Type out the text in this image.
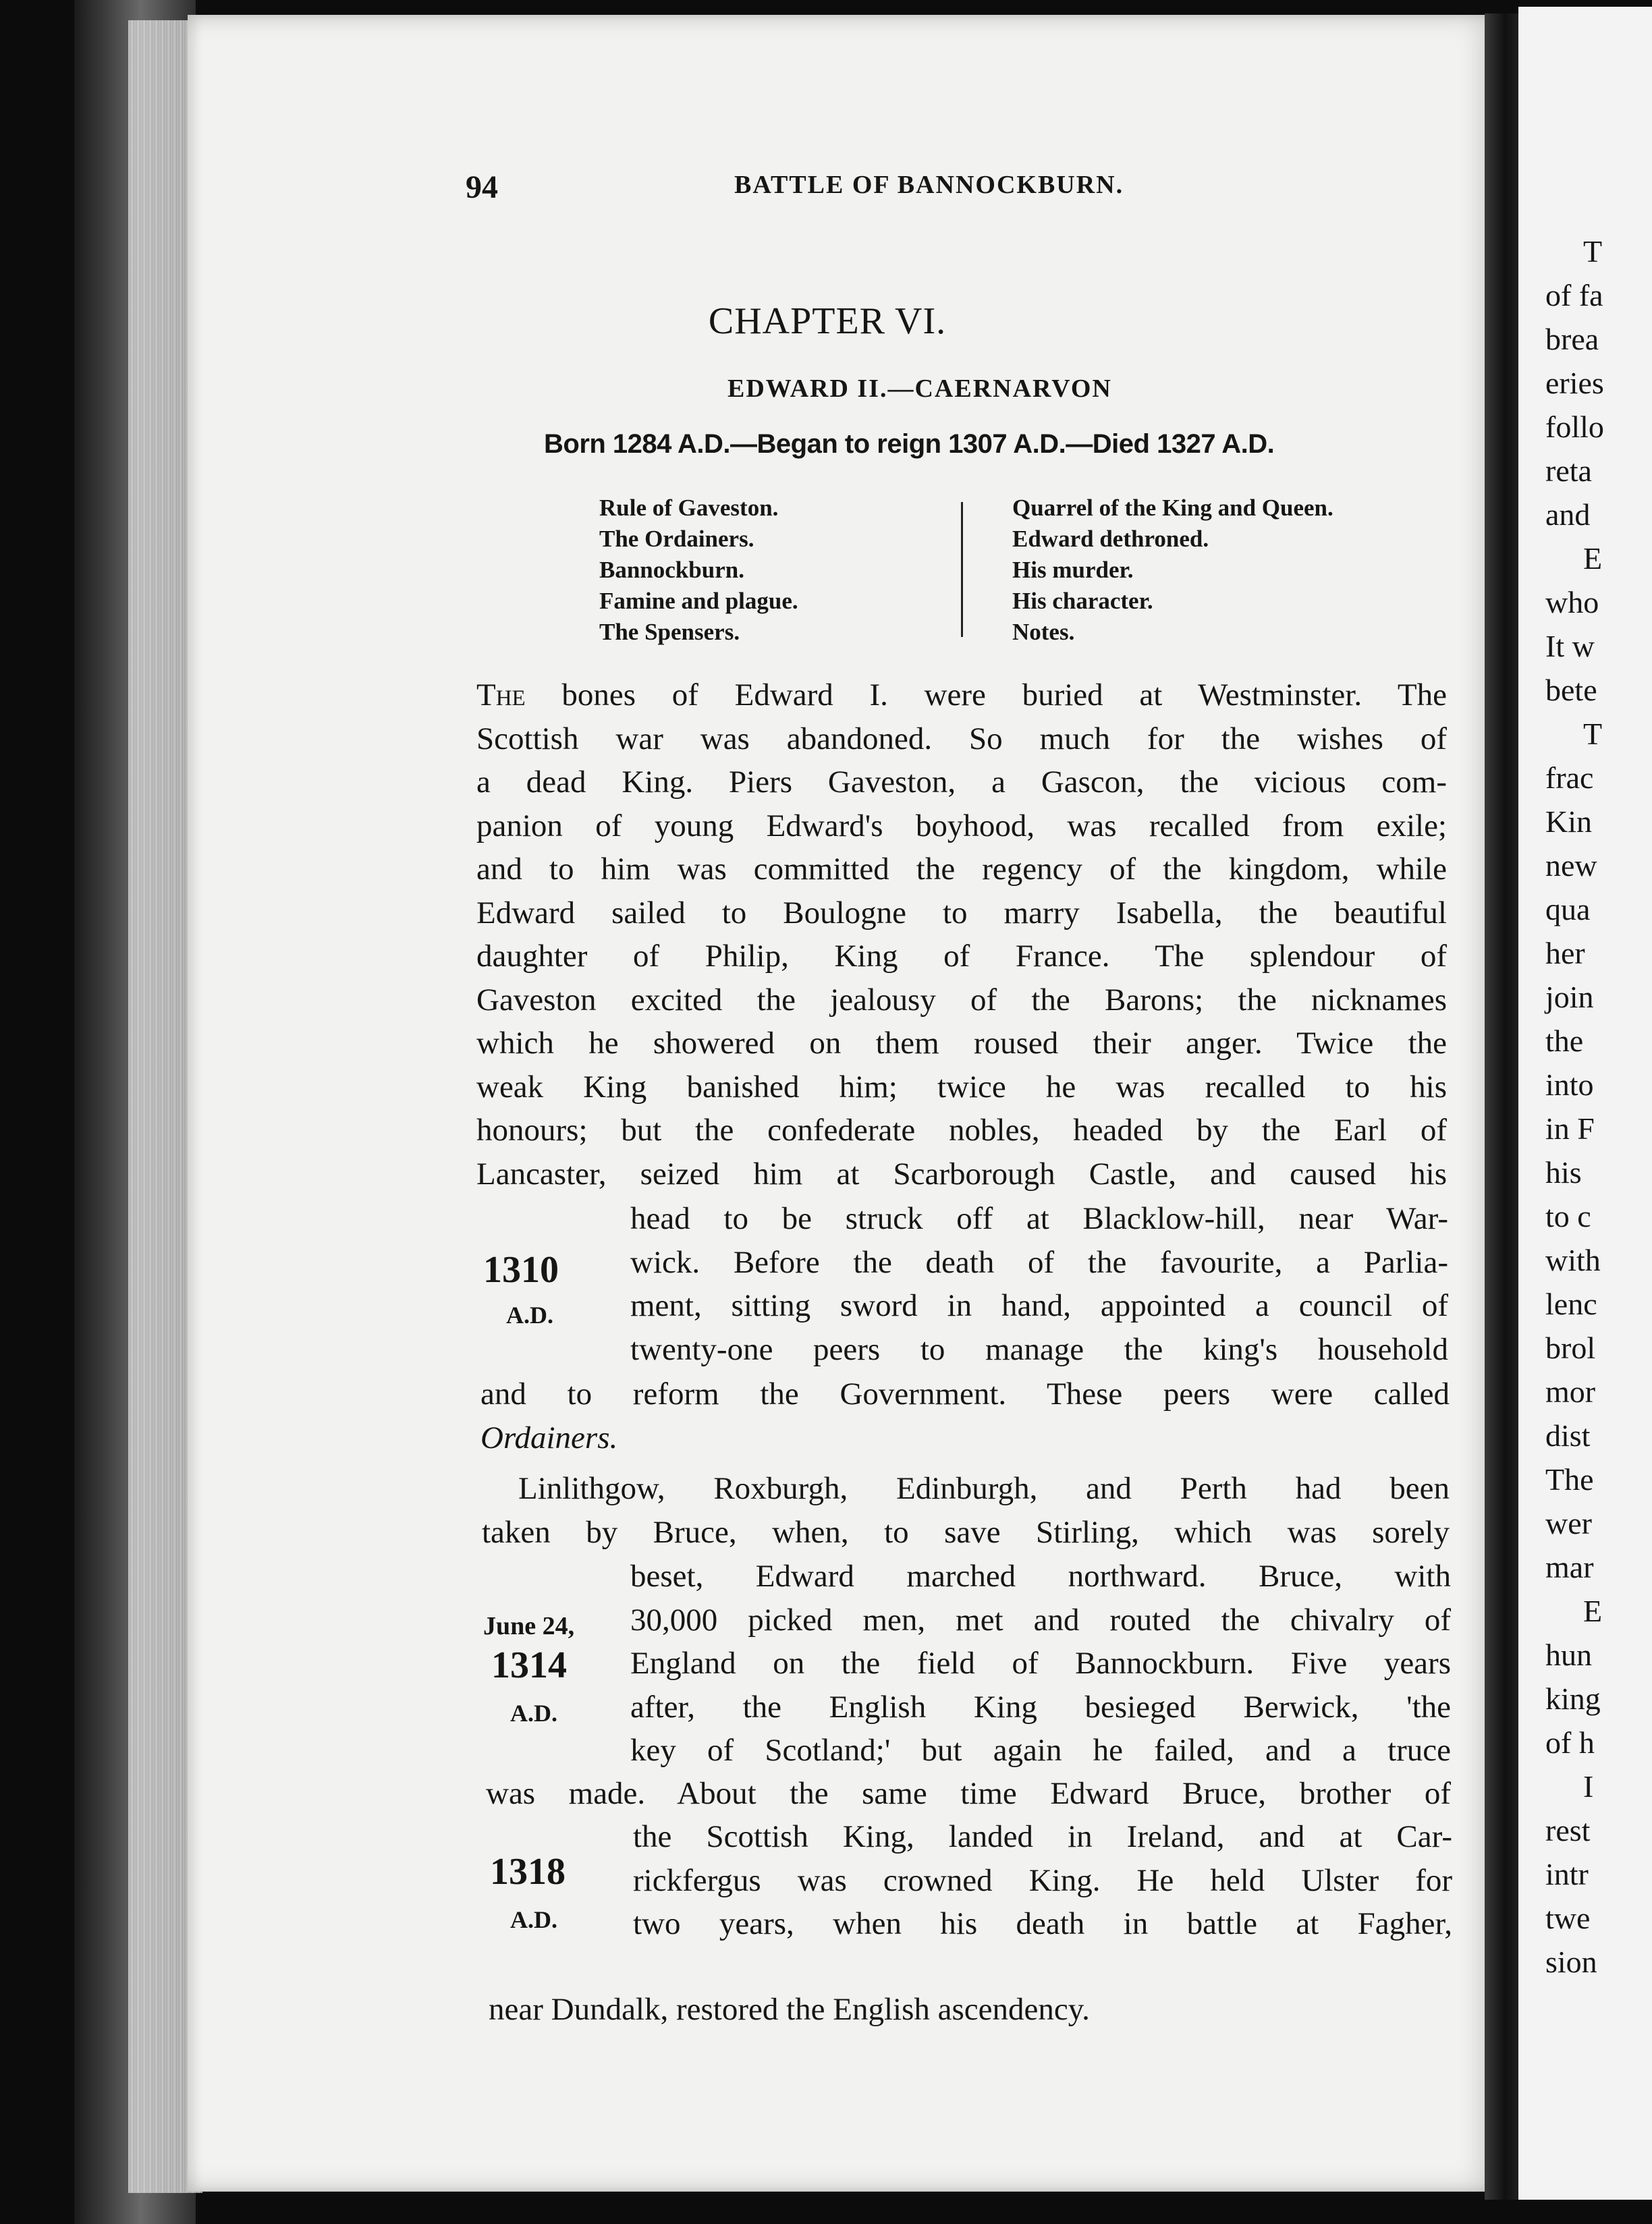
94	BATTLE OF BANNOCKBURN.
CHAPTER VI.
EDWARD II.—CAERNARVON
Born 1284 A.D.—Began to reign 1307 A.D.—Died 1327 A.D.
Rule of Gaveston.
The Ordainers.
Bannockburn.
Famine and plague.
The Spensers.
Quarrel of the King and Queen.
Edward dethroned.
His murder.
His character.
Notes.
The bones of Edward I. were buried at Westminster. The
Scottish war was abandoned. So much for the wishes of
a dead King. Piers Gaveston, a Gascon, the vicious com-
panion of young Edward's boyhood, was recalled from exile;
and to him was committed the regency of the kingdom, while
Edward sailed to Boulogne to marry Isabella, the beautiful
daughter of Philip, King of France. The splendour of
Gaveston excited the jealousy of the Barons; the nicknames
which he showered on them roused their anger. Twice the
weak King banished him; twice he was recalled to his
honours; but the confederate nobles, headed by the Earl of
Lancaster, seized him at Scarborough Castle, and caused his
head to be struck off at Blacklow-hill, near War-
wick. Before the death of the favourite, a Parlia-
ment, sitting sword in hand, appointed a council of
twenty-one peers to manage the king's household
and to reform the Government. These peers were called
Ordainers.
Linlithgow, Roxburgh, Edinburgh, and Perth had been
taken by Bruce, when, to save Stirling, which was sorely
beset, Edward marched northward. Bruce, with
30,000 picked men, met and routed the chivalry of
England on the field of Bannockburn. Five years
after, the English King besieged Berwick, 'the
key of Scotland;' but again he failed, and a truce
was made. About the same time Edward Bruce, brother of
the Scottish King, landed in Ireland, and at Car-
rickfergus was crowned King. He held Ulster for
two years, when his death in battle at Fagher,
near Dundalk, restored the English ascendency.
1310
A.D.
June 24,
1314
A.D.
1318
A.D.
T
of fa
brea
eries
follo
reta
and
E
who
It w
bete
T
frac
Kin
new
qua
her
join
the
into
in F
his
to c
with
lenc
brol
mor
dist
The
wer
mar
E
hun
king
of h
I
rest
intr
twe
sion
